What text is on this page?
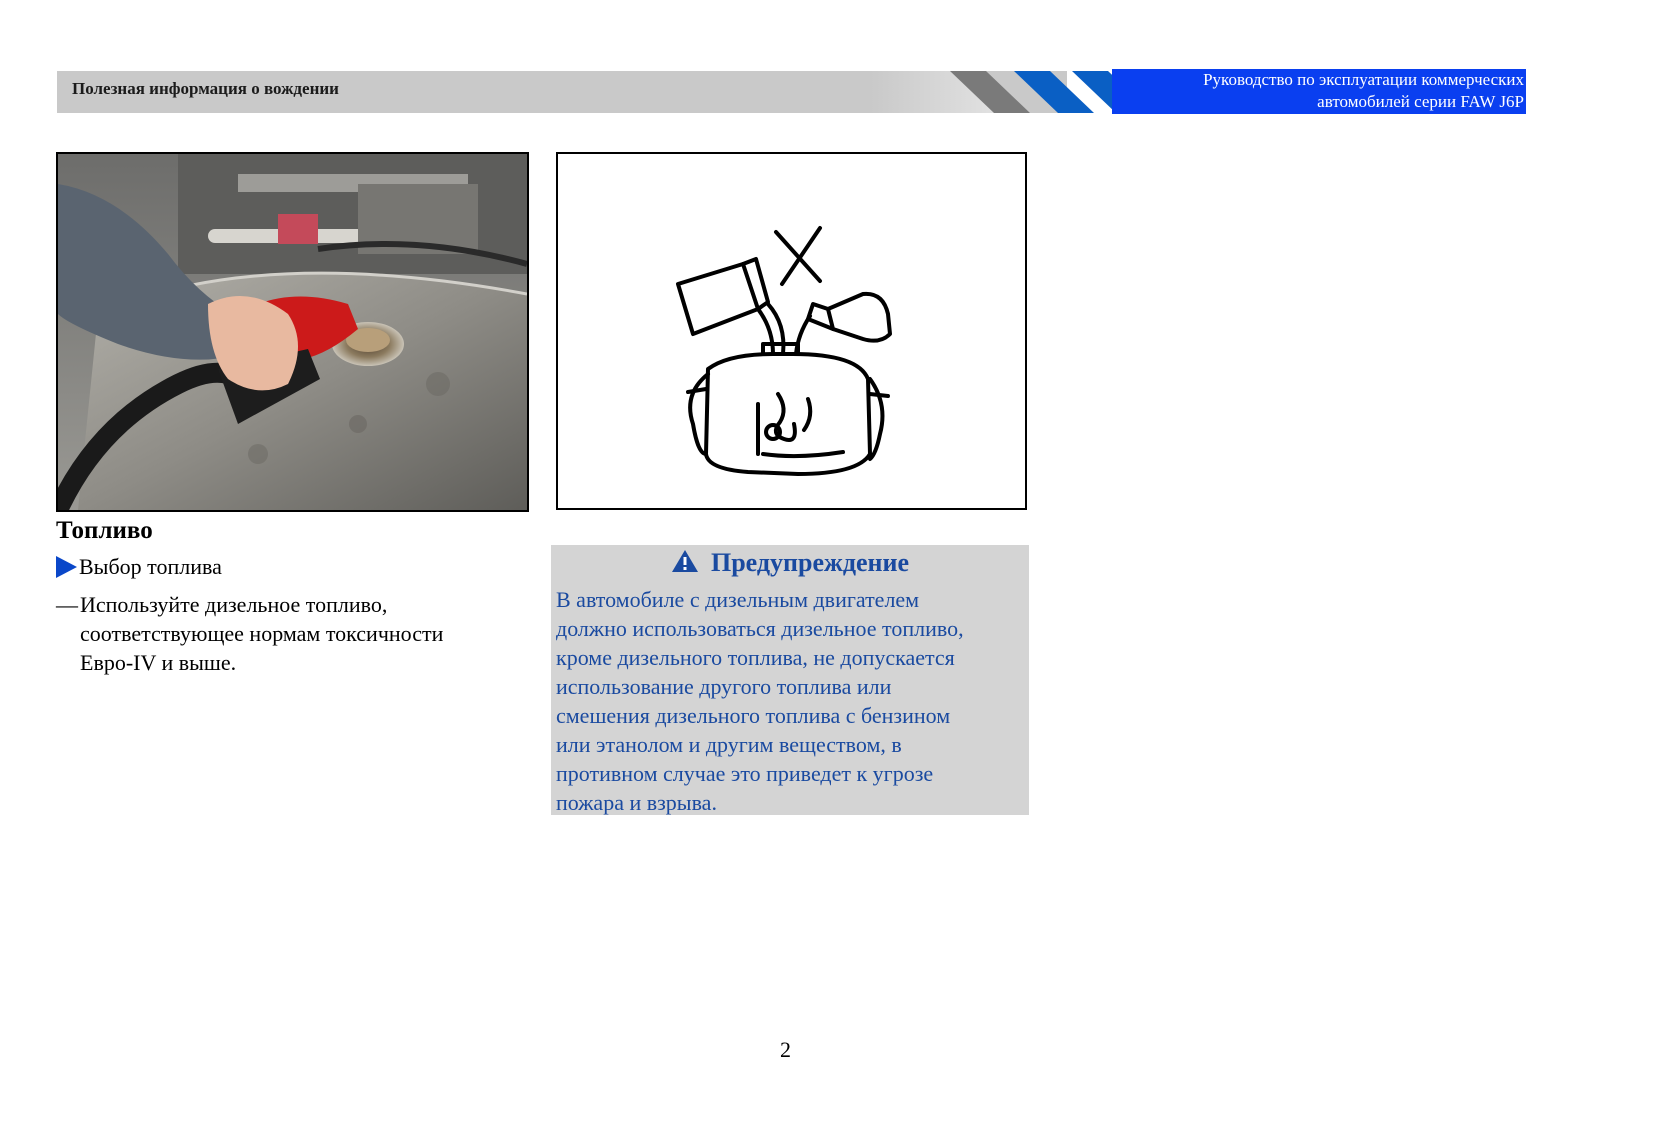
Полезная информация о вождении	Руководство по эксплуатации коммерческих
автомобилей серии FAW J6P
Топливо
Выбор топлива
— Используйте дизельное топливо,
соответствующее нормам токсичности
Евро-IV и выше.
Предупреждение
В автомобиле с дизельным двигателем
должно использоваться дизельное топливо,
кроме дизельного топлива, не допускается
использование другого топлива или
смешения дизельного топлива с бензином
или этанолом и другим веществом, в
противном случае это приведет к угрозе
пожара и взрыва.
2
